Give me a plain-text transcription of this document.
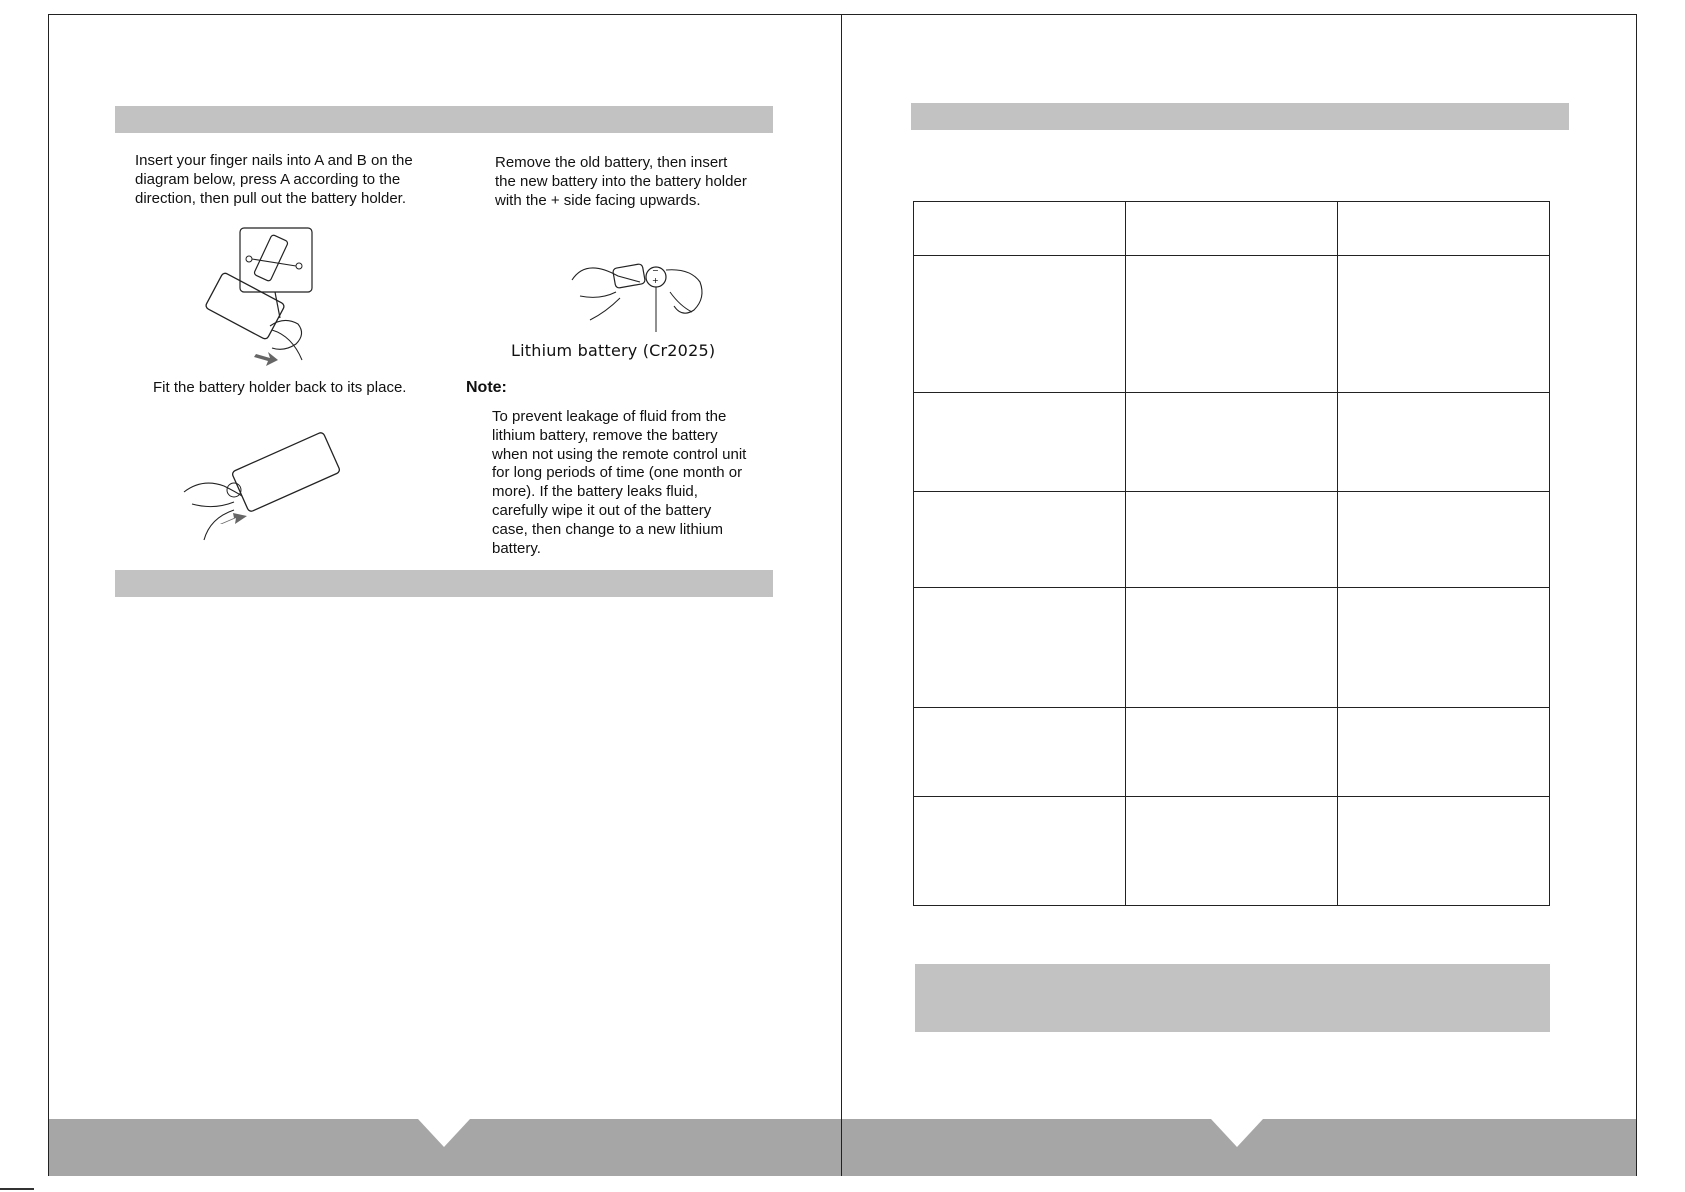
Insert your finger nails into A and B on the diagram below, press A according to the direction, then pull out the battery holder.
Fit the battery holder back to its place.
Remove the old battery, then insert the new battery into the battery holder with the + side facing upwards.
−
+
Lithium battery (Cr2025)
Note:
To prevent leakage of fluid from the lithium battery, remove the battery when not using the remote control unit for long periods of time (one month or more). If the battery leaks fluid, carefully wipe it out of the battery case, then change to a new lithium battery.
